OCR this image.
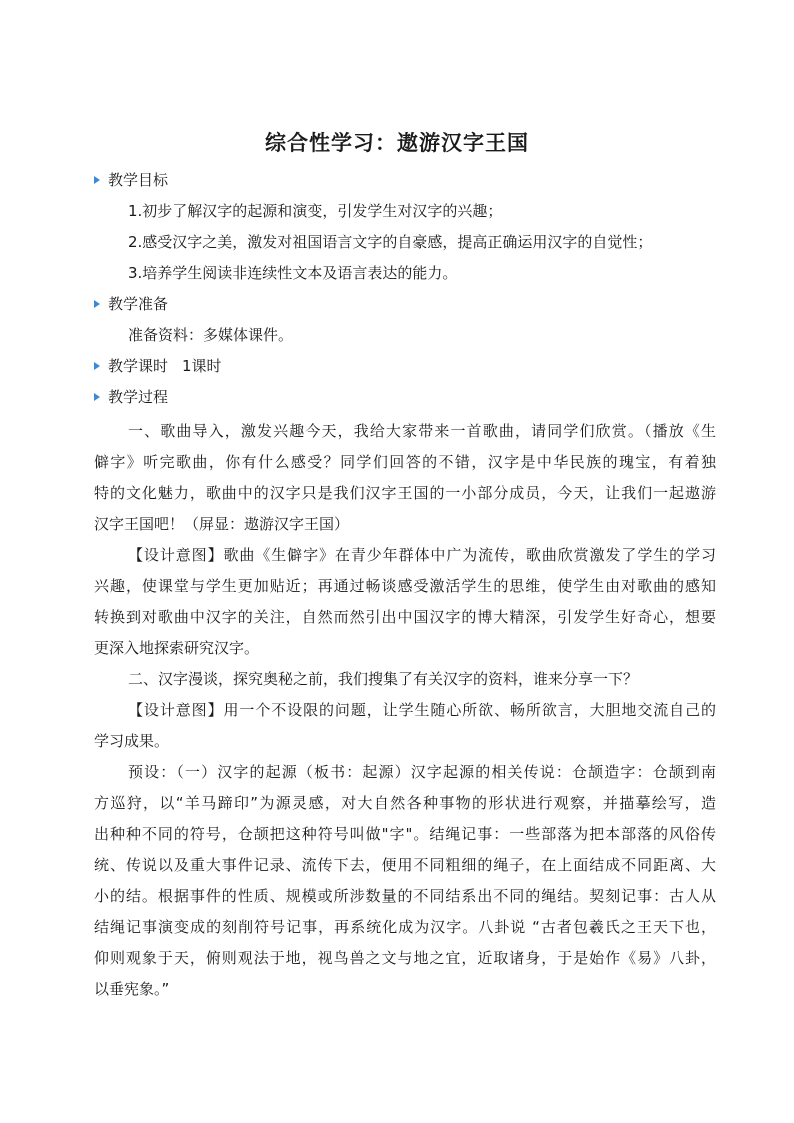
综合性学习：遨游汉字王国
教学目标
1.初步了解汉字的起源和演变，引发学生对汉字的兴趣；
2.感受汉字之美，激发对祖国语言文字的自豪感，提高正确运用汉字的自觉性；
3.培养学生阅读非连续性文本及语言表达的能力。
教学准备
准备资料：多媒体课件。
教学课时 1课时
教学过程
一、歌曲导入，激发兴趣今天，我给大家带来一首歌曲，请同学们欣赏。（播放《生
僻字》听完歌曲，你有什么感受？同学们回答的不错，汉字是中华民族的瑰宝，有着独
特的文化魅力，歌曲中的汉字只是我们汉字王国的一小部分成员，今天，让我们一起遨游
汉字王国吧！（屏显：遨游汉字王国）
【设计意图】歌曲《生僻字》在青少年群体中广为流传，歌曲欣赏激发了学生的学习
兴趣，使课堂与学生更加贴近；再通过畅谈感受激活学生的思维，使学生由对歌曲的感知
转换到对歌曲中汉字的关注，自然而然引出中国汉字的博大精深，引发学生好奇心，想要
更深入地探索研究汉字。
二、汉字漫谈，探究奥秘之前，我们搜集了有关汉字的资料，谁来分享一下？
【设计意图】用一个不设限的问题，让学生随心所欲、畅所欲言，大胆地交流自己的
学习成果。
预设：（一）汉字的起源（板书：起源）汉字起源的相关传说：仓颉造字：仓颉到南
方巡狩，以“羊马蹄印”为源灵感，对大自然各种事物的形状进行观察，并描摹绘写，造
出种种不同的符号，仓颉把这种符号叫做"字"。结绳记事：一些部落为把本部落的风俗传
统、传说以及重大事件记录、流传下去，便用不同粗细的绳子，在上面结成不同距离、大
小的结。根据事件的性质、规模或所涉数量的不同结系出不同的绳结。契刻记事：古人从
结绳记事演变成的刻削符号记事，再系统化成为汉字。八卦说 “古者包羲氏之王天下也，
仰则观象于天，俯则观法于地，视鸟兽之文与地之宜，近取诸身，于是始作《易》八卦，
以垂宪象。”
